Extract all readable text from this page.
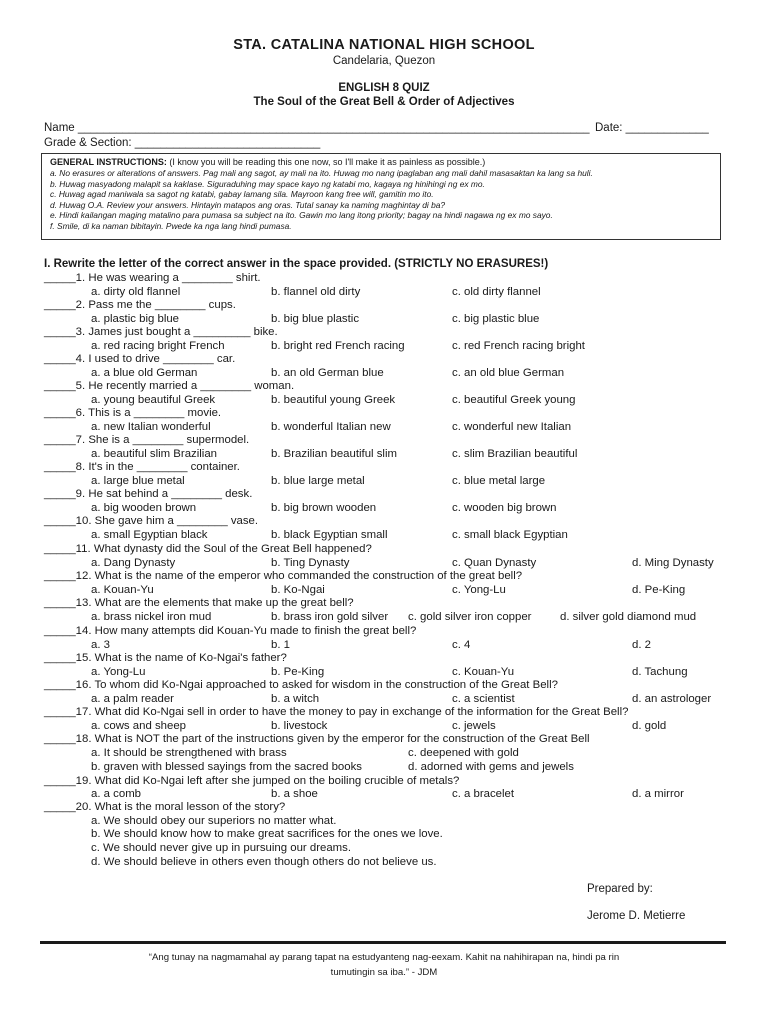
STA. CATALINA NATIONAL HIGH SCHOOL
Candelaria, Quezon
ENGLISH 8 QUIZ
The Soul of the Great Bell & Order of Adjectives
Name ________________________________________________________________________________ Date: _____________
Grade & Section: _____________________________
GENERAL INSTRUCTIONS: (I know you will be reading this one now, so I'll make it as painless as possible.)
a. No erasures or alterations of answers. Pag mali ang sagot, ay mali na ito. Huwag mo nang ipaglaban ang mali dahil masasaktan ka lang sa huli.
b. Huwag masyadong malapit sa kaklase. Siguraduhing may space kayo ng katabi mo, kagaya ng hinihingi ng ex mo.
c. Huwag agad maniwala sa sagot ng katabi, gabay lamang sila. Mayroon kang free will, gamitin mo ito.
d. Huwag O.A. Review your answers. Hintayin matapos ang oras. Tutal sanay ka naming maghintay di ba?
e. Hindi kailangan maging matalino para pumasa sa subject na ito. Gawin mo lang itong priority; bagay na hindi nagawa ng ex mo sayo.
f. Smile, di ka naman bibitayin. Pwede ka nga lang hindi pumasa.
I. Rewrite the letter of the correct answer in the space provided. (STRICTLY NO ERASURES!)
_____1. He was wearing a ________ shirt.
a. dirty old flannel	b. flannel old dirty	c. old dirty flannel
_____2. Pass me the ________ cups.
a. plastic big blue	b. big blue plastic	c. big plastic blue
_____3. James just bought a _________ bike.
a. red racing bright French	b. bright red French racing	c. red French racing bright
_____4. I used to drive ________ car.
a. a blue old German	b. an old German blue	c. an old blue German
_____5. He recently married a ________ woman.
a. young beautiful Greek	b. beautiful young Greek	c. beautiful Greek young
_____6. This is a ________ movie.
a. new Italian wonderful	b. wonderful Italian new	c. wonderful new Italian
_____7. She is a ________ supermodel.
a. beautiful slim Brazilian	b. Brazilian beautiful slim	c. slim Brazilian beautiful
_____8. It's in the ________ container.
a. large blue metal	b. blue large metal	c. blue metal large
_____9. He sat behind a ________ desk.
a. big wooden brown	b. big brown wooden	c. wooden big brown
_____10. She gave him a ________ vase.
a. small Egyptian black	b. black Egyptian small	c. small black Egyptian
_____11. What dynasty did the Soul of the Great Bell happened?
a. Dang Dynasty	b. Ting Dynasty	c. Quan Dynasty	d. Ming Dynasty
_____12. What is the name of the emperor who commanded the construction of the great bell?
a. Kouan-Yu	b. Ko-Ngai	c. Yong-Lu	d. Pe-King
_____13. What are the elements that make up the great bell?
a. brass nickel iron mud	b. brass iron gold silver c. gold silver iron copper	d. silver gold diamond mud
_____14. How many attempts did Kouan-Yu made to finish the great bell?
a. 3	b. 1	c. 4	d. 2
_____15. What is the name of Ko-Ngai's father?
a. Yong-Lu	b. Pe-King	c. Kouan-Yu	d. Tachung
_____16. To whom did Ko-Ngai approached to asked for wisdom in the construction of the Great Bell?
a. a palm reader	b. a witch	c. a scientist	d. an astrologer
_____17. What did Ko-Ngai sell in order to have the money to pay in exchange of the information for the Great Bell?
a. cows and sheep	b. livestock	c. jewels	d. gold
_____18. What is NOT the part of the instructions given by the emperor for the construction of the Great Bell
a. It should be strengthened with brass	c. deepened with gold
b. graven with blessed sayings from the sacred books	d. adorned with gems and jewels
_____19. What did Ko-Ngai left after she jumped on the boiling crucible of metals?
a. a comb	b. a shoe	c. a bracelet	d. a mirror
_____20. What is the moral lesson of the story?
a. We should obey our superiors no matter what.
b. We should know how to make great sacrifices for the ones we love.
c. We should never give up in pursuing our dreams.
d. We should believe in others even though others do not believe us.
Prepared by:
Jerome D. Metierre
“Ang tunay na nagmamahal ay parang tapat na estudyanteng nag-eexam. Kahit na nahihirapan na, hindi pa rin
tumutingin sa iba.” - JDM
